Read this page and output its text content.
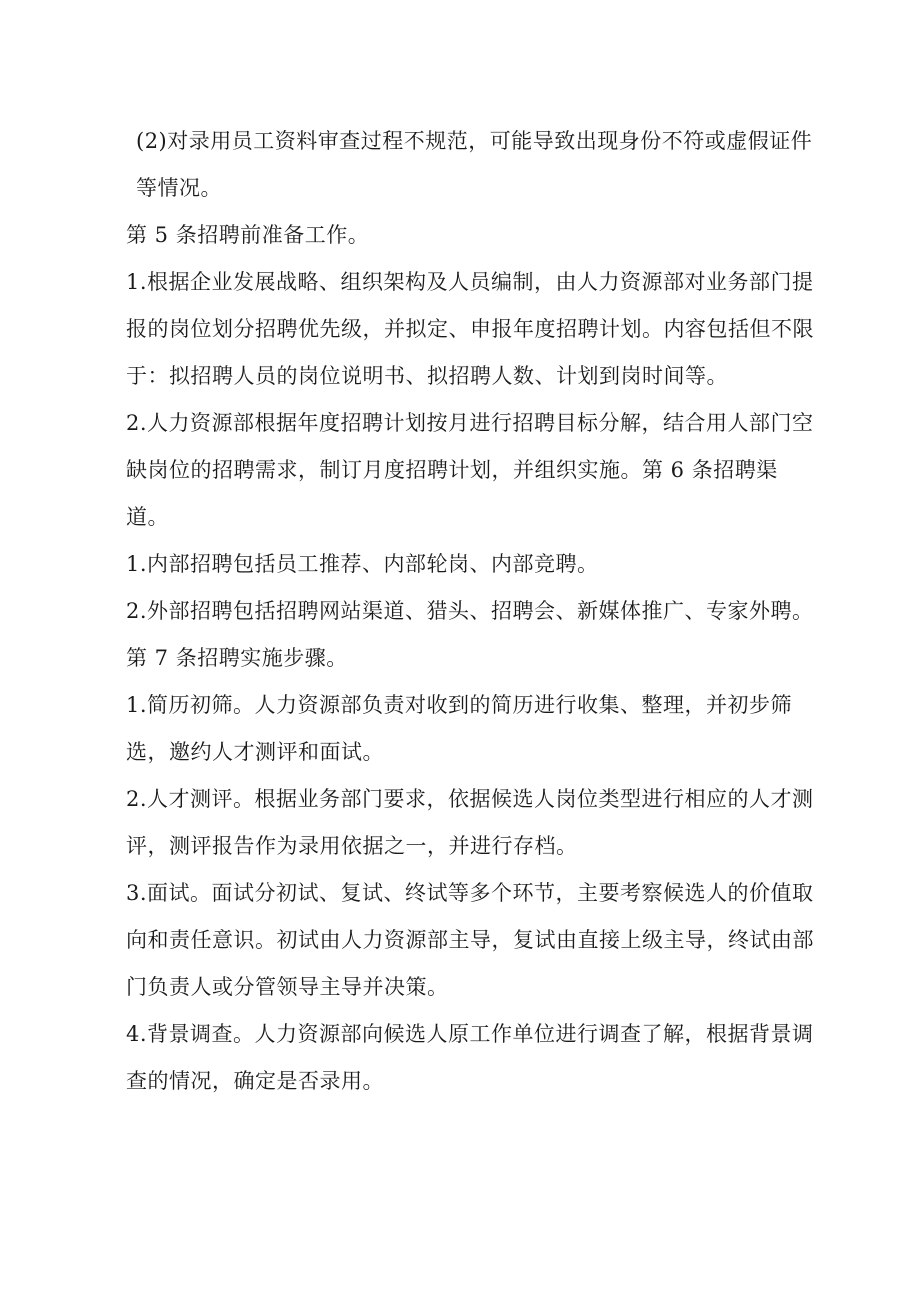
(2)对录用员工资料审查过程不规范，可能导致出现身份不符或虚假证件等情况。

第 5 条招聘前准备工作。

1.根据企业发展战略、组织架构及人员编制，由人力资源部对业务部门提报的岗位划分招聘优先级，并拟定、申报年度招聘计划。内容包括但不限于：拟招聘人员的岗位说明书、拟招聘人数、计划到岗时间等。

2.人力资源部根据年度招聘计划按月进行招聘目标分解，结合用人部门空缺岗位的招聘需求，制订月度招聘计划，并组织实施。第 6 条招聘渠道。

1.内部招聘包括员工推荐、内部轮岗、内部竞聘。

2.外部招聘包括招聘网站渠道、猎头、招聘会、新媒体推广、专家外聘。

第 7 条招聘实施步骤。

1.简历初筛。人力资源部负责对收到的简历进行收集、整理，并初步筛选，邀约人才测评和面试。

2.人才测评。根据业务部门要求，依据候选人岗位类型进行相应的人才测评，测评报告作为录用依据之一，并进行存档。

3.面试。面试分初试、复试、终试等多个环节，主要考察候选人的价值取向和责任意识。初试由人力资源部主导，复试由直接上级主导，终试由部门负责人或分管领导主导并决策。

4.背景调查。人力资源部向候选人原工作单位进行调查了解，根据背景调查的情况，确定是否录用。
